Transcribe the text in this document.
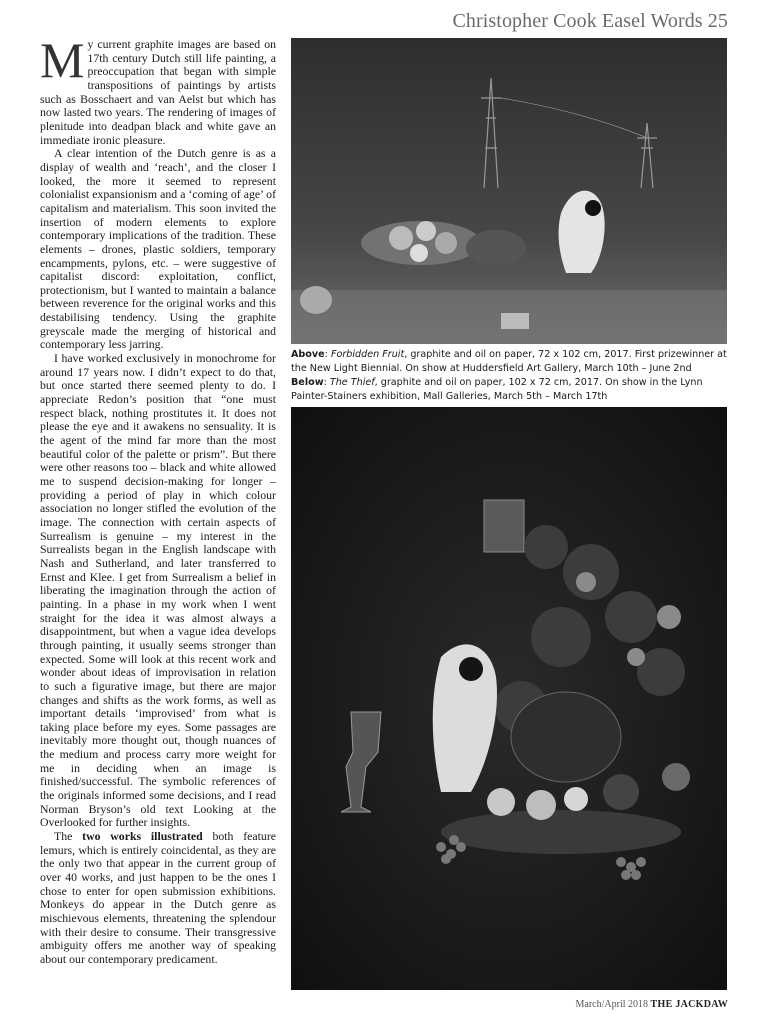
Christopher Cook Easel Words 25

My current graphite images are based on 17th century Dutch still life painting, a preoccupation that began with simple transpositions of paintings by artists such as Bosschaert and van Aelst but which has now lasted two years. The rendering of images of plenitude into deadpan black and white gave an immediate ironic pleasure.

A clear intention of the Dutch genre is as a display of wealth and ‘reach’, and the closer I looked, the more it seemed to represent colonialist expansionism and a ‘coming of age’ of capitalism and materialism. This soon invited the insertion of modern elements to explore contemporary implications of the tradition. These elements – drones, plastic soldiers, temporary encampments, pylons, etc. – were suggestive of capitalist discord: exploitation, conflict, protectionism, but I wanted to maintain a balance between reverence for the original works and this destabilising tendency. Using the graphite greyscale made the merging of historical and contemporary less jarring.

I have worked exclusively in monochrome for around 17 years now. I didn’t expect to do that, but once started there seemed plenty to do. I appreciate Redon’s position that “one must respect black, nothing prostitutes it. It does not please the eye and it awakens no sensuality. It is the agent of the mind far more than the most beautiful color of the palette or prism”. But there were other reasons too – black and white allowed me to suspend decision-making for longer – providing a period of play in which colour association no longer stifled the evolution of the image. The connection with certain aspects of Surrealism is genuine – my interest in the Surrealists began in the English landscape with Nash and Sutherland, and later transferred to Ernst and Klee. I get from Surrealism a belief in liberating the imagination through the action of painting. In a phase in my work when I went straight for the idea it was almost always a disappointment, but when a vague idea develops through painting, it usually seems stronger than expected. Some will look at this recent work and wonder about ideas of improvisation in relation to such a figurative image, but there are major changes and shifts as the work forms, as well as important details ‘improvised’ from what is taking place before my eyes. Some passages are inevitably more thought out, though nuances of the medium and process carry more weight for me in deciding when an image is finished/successful. The symbolic references of the originals informed some decisions, and I read Norman Bryson’s old text Looking at the Overlooked for further insights.

The two works illustrated both feature lemurs, which is entirely coincidental, as they are the only two that appear in the current group of over 40 works, and just happen to be the ones I chose to enter for open submission exhibitions. Monkeys do appear in the Dutch genre as mischievous elements, threatening the splendour with their desire to consume. Their transgressive ambiguity offers me another way of speaking about our contemporary predicament.

Above: Forbidden Fruit, graphite and oil on paper, 72 x 102 cm, 2017. First prizewinner at the New Light Biennial. On show at Huddersfield Art Gallery, March 10th – June 2nd
Below: The Thief, graphite and oil on paper, 102 x 72 cm, 2017. On show in the Lynn Painter-Stainers exhibition, Mall Galleries, March 5th – March 17th
March/April 2018 THE JACKDAW
